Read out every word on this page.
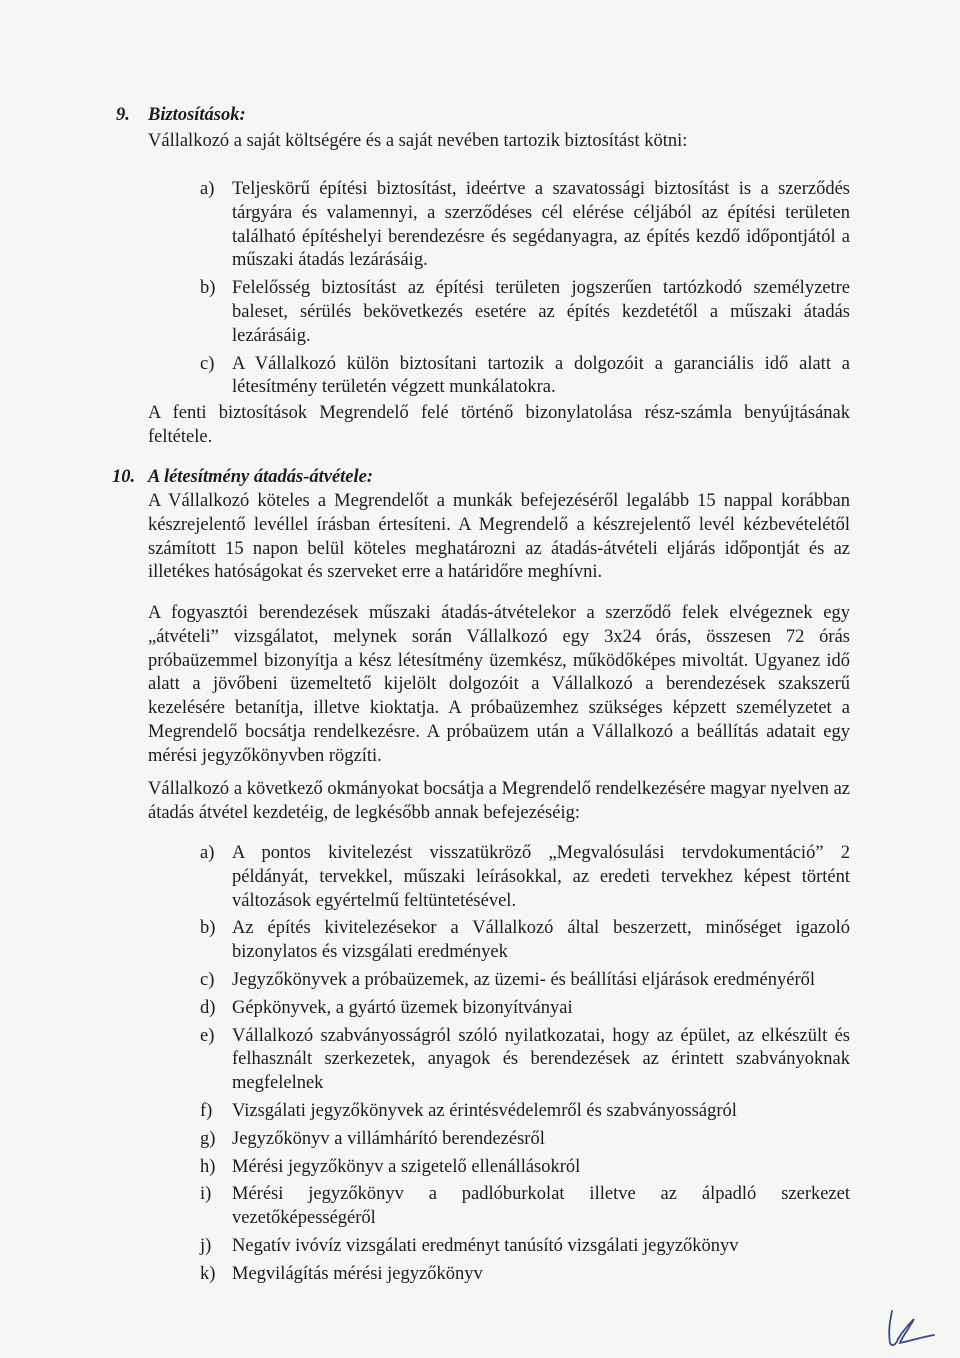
9. Biztosítások:

Vállalkozó a saját költségére és a saját nevében tartozik biztosítást kötni:

a) Teljeskörű építési biztosítást, ideértve a szavatossági biztosítást is a szerződés tárgyára és valamennyi, a szerződéses cél elérése céljából az építési területen található építéshelyi berendezésre és segédanyagra, az építés kezdő időpontjától a műszaki átadás lezárásáig.
b) Felelősség biztosítást az építési területen jogszerűen tartózkodó személyzetre baleset, sérülés bekövetkezés esetére az építés kezdetétől a műszaki átadás lezárásáig.
c) A Vállalkozó külön biztosítani tartozik a dolgozóit a garanciális idő alatt a létesítmény területén végzett munkálatokra.

A fenti biztosítások Megrendelő felé történő bizonylatolása rész-számla benyújtásának feltétele.

10. A létesítmény átadás-átvétele:

A Vállalkozó köteles a Megrendelőt a munkák befejezéséről legalább 15 nappal korábban készrejelentő levéllel írásban értesíteni. A Megrendelő a készrejelentő levél kézbevételétől számított 15 napon belül köteles meghatározni az átadás-átvételi eljárás időpontját és az illetékes hatóságokat és szerveket erre a határidőre meghívni.

A fogyasztói berendezések műszaki átadás-átvételekor a szerződő felek elvégeznek egy „átvételi” vizsgálatot, melynek során Vállalkozó egy 3x24 órás, összesen 72 órás próbaüzemmel bizonyítja a kész létesítmény üzemkész, működőképes mivoltát. Ugyanez idő alatt a jövőbeni üzemeltető kijelölt dolgozóit a Vállalkozó a berendezések szakszerű kezelésére betanítja, illetve kioktatja. A próbaüzemhez szükséges képzett személyzetet a Megrendelő bocsátja rendelkezésre. A próbaüzem után a Vállalkozó a beállítás adatait egy mérési jegyzőkönyvben rögzíti.

Vállalkozó a következő okmányokat bocsátja a Megrendelő rendelkezésére magyar nyelven az átadás átvétel kezdetéig, de legkésőbb annak befejezéséig:

a) A pontos kivitelezést visszatükröző „Megvalósulási tervdokumentáció” 2 példányát, tervekkel, műszaki leírásokkal, az eredeti tervekhez képest történt változások egyértelmű feltüntetésével.
b) Az építés kivitelezésekor a Vállalkozó által beszerzett, minőséget igazoló bizonylatos és vizsgálati eredmények
c) Jegyzőkönyvek a próbaüzemek, az üzemi- és beállítási eljárások eredményéről
d) Gépkönyvek, a gyártó üzemek bizonyítványai
e) Vállalkozó szabványosságról szóló nyilatkozatai, hogy az épület, az elkészült és felhasznált szerkezetek, anyagok és berendezések az érintett szabványoknak megfelelnek
f)	Vizsgálati jegyzőkönyvek az érintésvédelemről és szabványosságról
g) Jegyzőkönyv a villámhárító berendezésről
h) Mérési jegyzőkönyv a szigetelő ellenállásokról
i)	Mérési jegyzőkönyv a padlóburkolat illetve az álpadló szerkezet vezetőképességéről
j)	Negatív ivóvíz vizsgálati eredményt tanúsító vizsgálati jegyzőkönyv
k) Megvilágítás mérési jegyzőkönyv
